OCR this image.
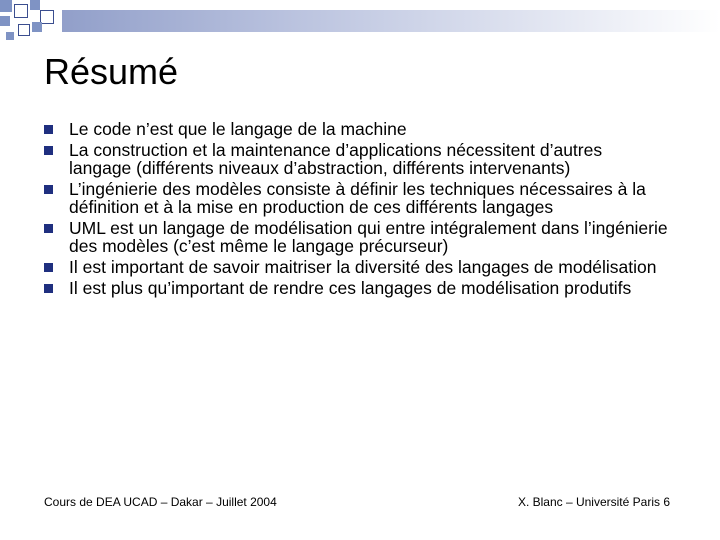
Résumé
Le code n’est que le langage de la machine
La construction et la maintenance d’applications nécessitent d’autres langage (différents niveaux d’abstraction, différents intervenants)
L’ingénierie des modèles consiste à définir les techniques nécessaires à la définition et à la mise en production de ces différents langages
UML est un langage de modélisation qui entre intégralement dans l’ingénierie des modèles (c’est même le langage précurseur)
Il est important de savoir maitriser la diversité des langages de modélisation
Il est plus qu’important de rendre ces langages de modélisation produtifs
Cours de DEA UCAD – Dakar – Juillet 2004	X. Blanc – Université Paris 6
